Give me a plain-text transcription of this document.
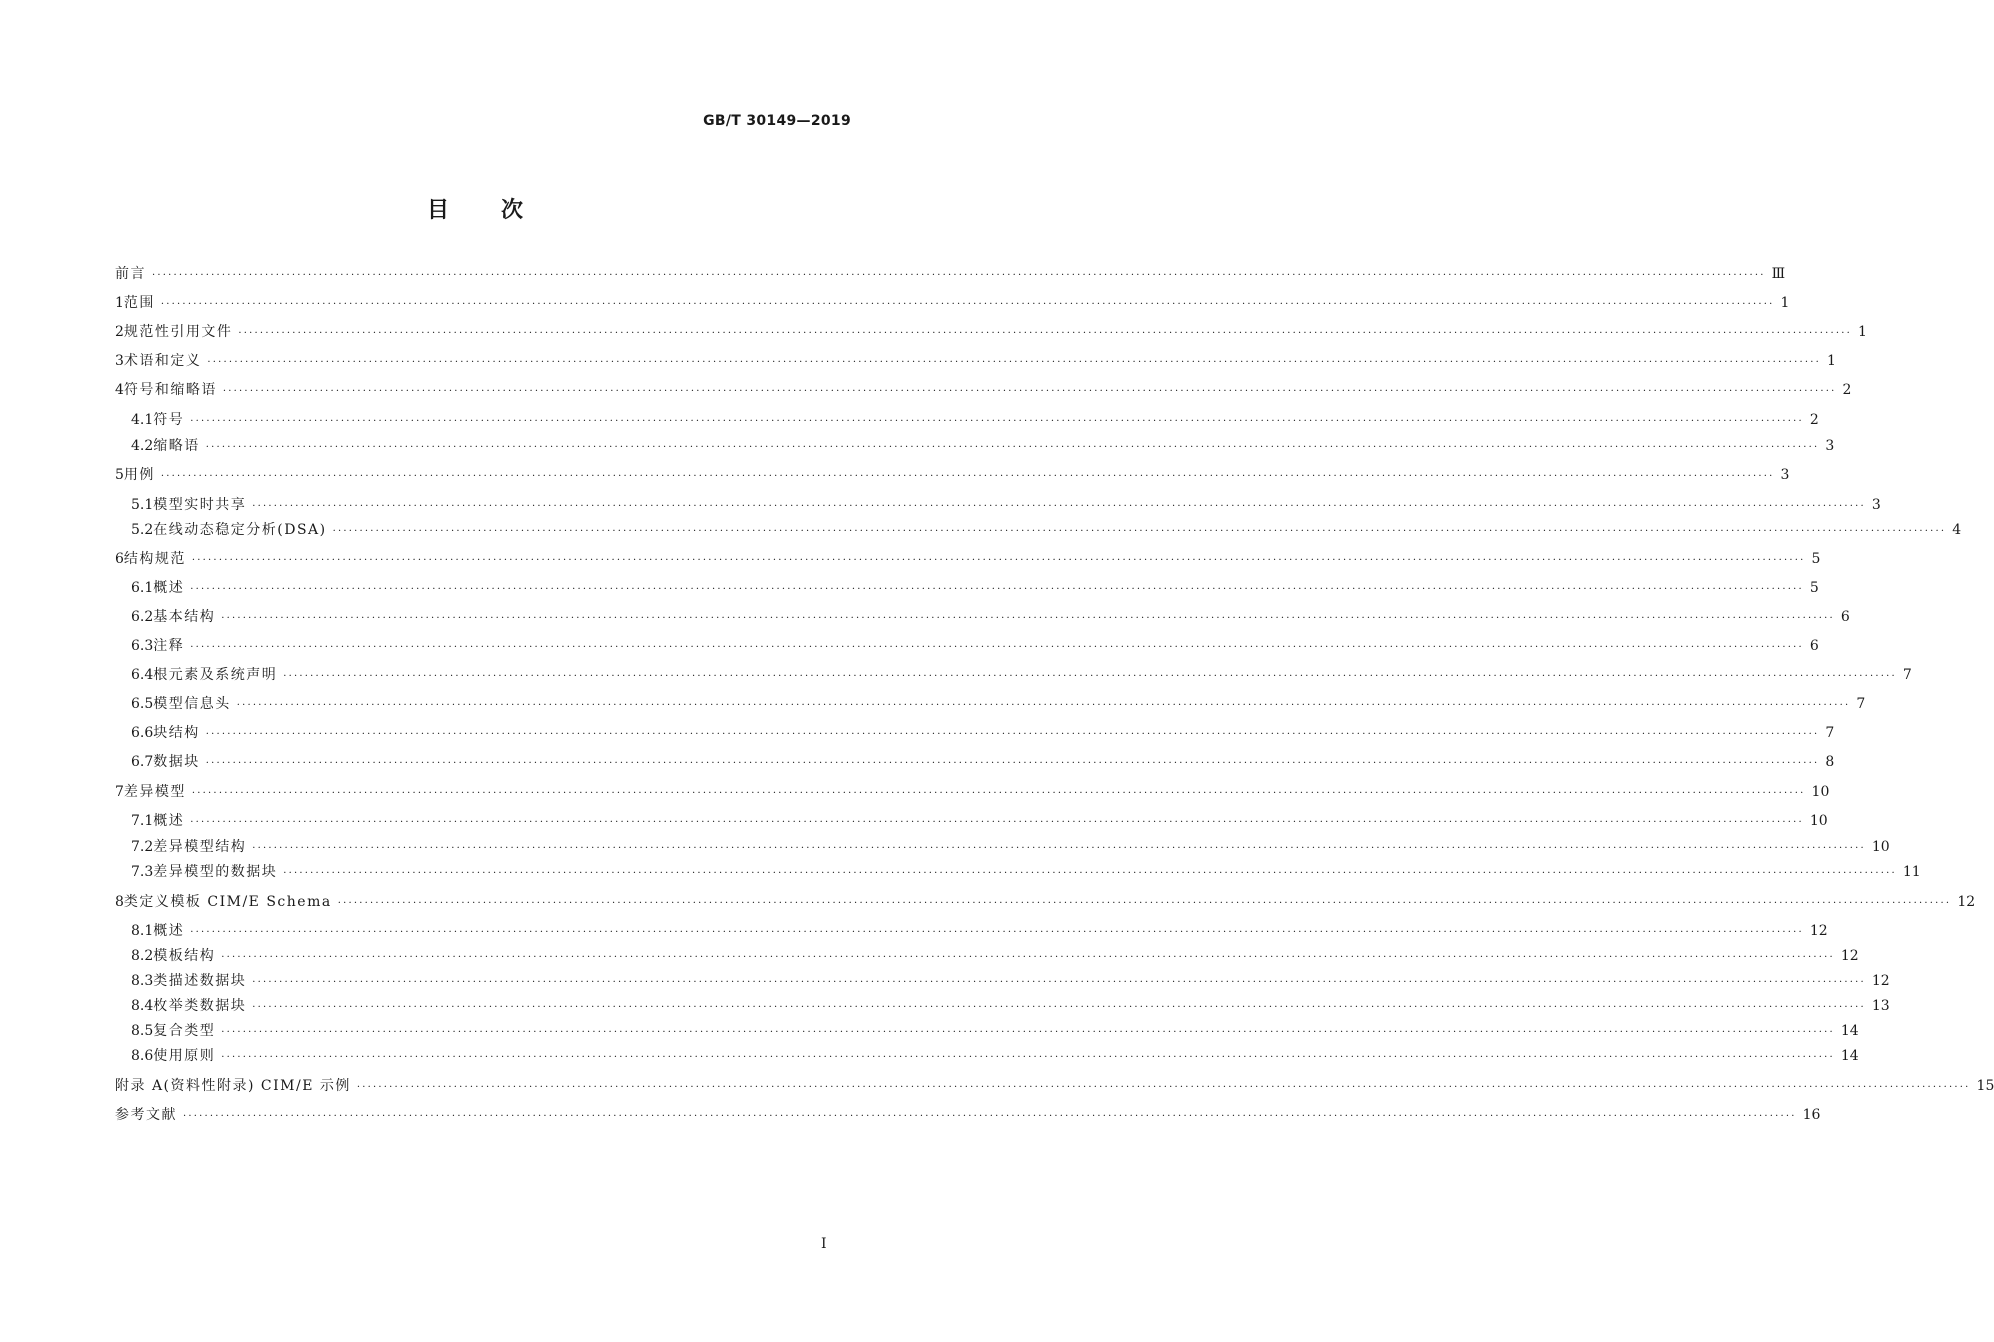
GB/T 30149—2019
目 次
前言 ············································································································································································································································································································ Ⅲ
1 范围 ············································································································································································································································································································ 1
2 规范性引用文件 ············································································································································································································································································································ 1
3 术语和定义 ············································································································································································································································································································ 1
4 符号和缩略语 ············································································································································································································································································································ 2
4.1 符号 ············································································································································································································································································································ 2
4.2 缩略语 ············································································································································································································································································································ 3
5 用例 ············································································································································································································································································································ 3
5.1 模型实时共享 ············································································································································································································································································································ 3
5.2 在线动态稳定分析(DSA) ············································································································································································································································································································ 4
6 结构规范 ············································································································································································································································································································ 5
6.1 概述 ············································································································································································································································································································ 5
6.2 基本结构 ············································································································································································································································································································ 6
6.3 注释 ············································································································································································································································································································ 6
6.4 根元素及系统声明 ············································································································································································································································································································ 7
6.5 模型信息头 ············································································································································································································································································································ 7
6.6 块结构 ············································································································································································································································································································ 7
6.7 数据块 ············································································································································································································································································································ 8
7 差异模型 ············································································································································································································································································································ 10
7.1 概述 ············································································································································································································································································································ 10
7.2 差异模型结构 ············································································································································································································································································································ 10
7.3 差异模型的数据块 ············································································································································································································································································································ 11
8 类定义模板 CIM/E Schema ············································································································································································································································································································ 12
8.1 概述 ············································································································································································································································································································ 12
8.2 模板结构 ············································································································································································································································································································ 12
8.3 类描述数据块 ············································································································································································································································································································ 12
8.4 枚举类数据块 ············································································································································································································································································································ 13
8.5 复合类型 ············································································································································································································································································································ 14
8.6 使用原则 ············································································································································································································································································································ 14
附录 A(资料性附录) CIM/E 示例 ············································································································································································································································································································ 15
参考文献 ············································································································································································································································································································ 16
I
